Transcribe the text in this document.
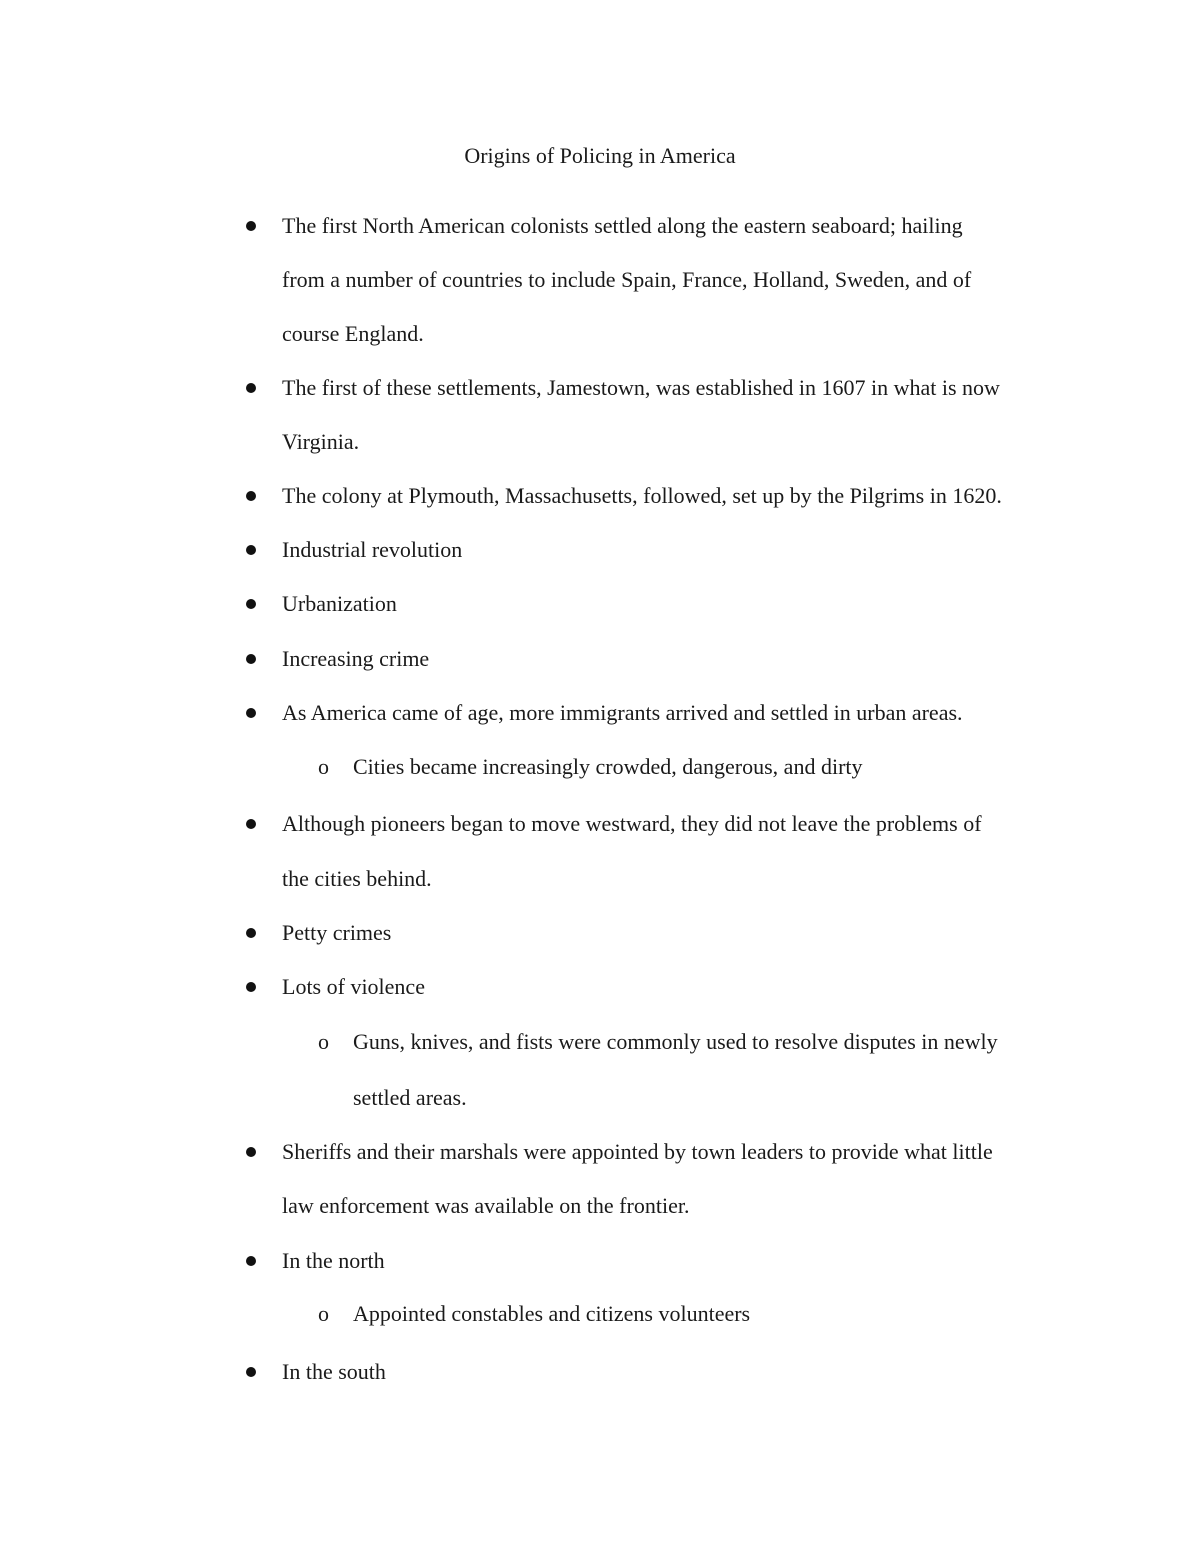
Origins of Policing in America
The first North American colonists settled along the eastern seaboard; hailing
from a number of countries to include Spain, France, Holland, Sweden, and of
course England.
The first of these settlements, Jamestown, was established in 1607 in what is now
Virginia.
The colony at Plymouth, Massachusetts, followed, set up by the Pilgrims in 1620.
Industrial revolution
Urbanization
Increasing crime
As America came of age, more immigrants arrived and settled in urban areas.
o Cities became increasingly crowded, dangerous, and dirty
Although pioneers began to move westward, they did not leave the problems of
the cities behind.
Petty crimes
Lots of violence
o Guns, knives, and fists were commonly used to resolve disputes in newly
settled areas.
Sheriffs and their marshals were appointed by town leaders to provide what little
law enforcement was available on the frontier.
In the north
o Appointed constables and citizens volunteers
In the south
